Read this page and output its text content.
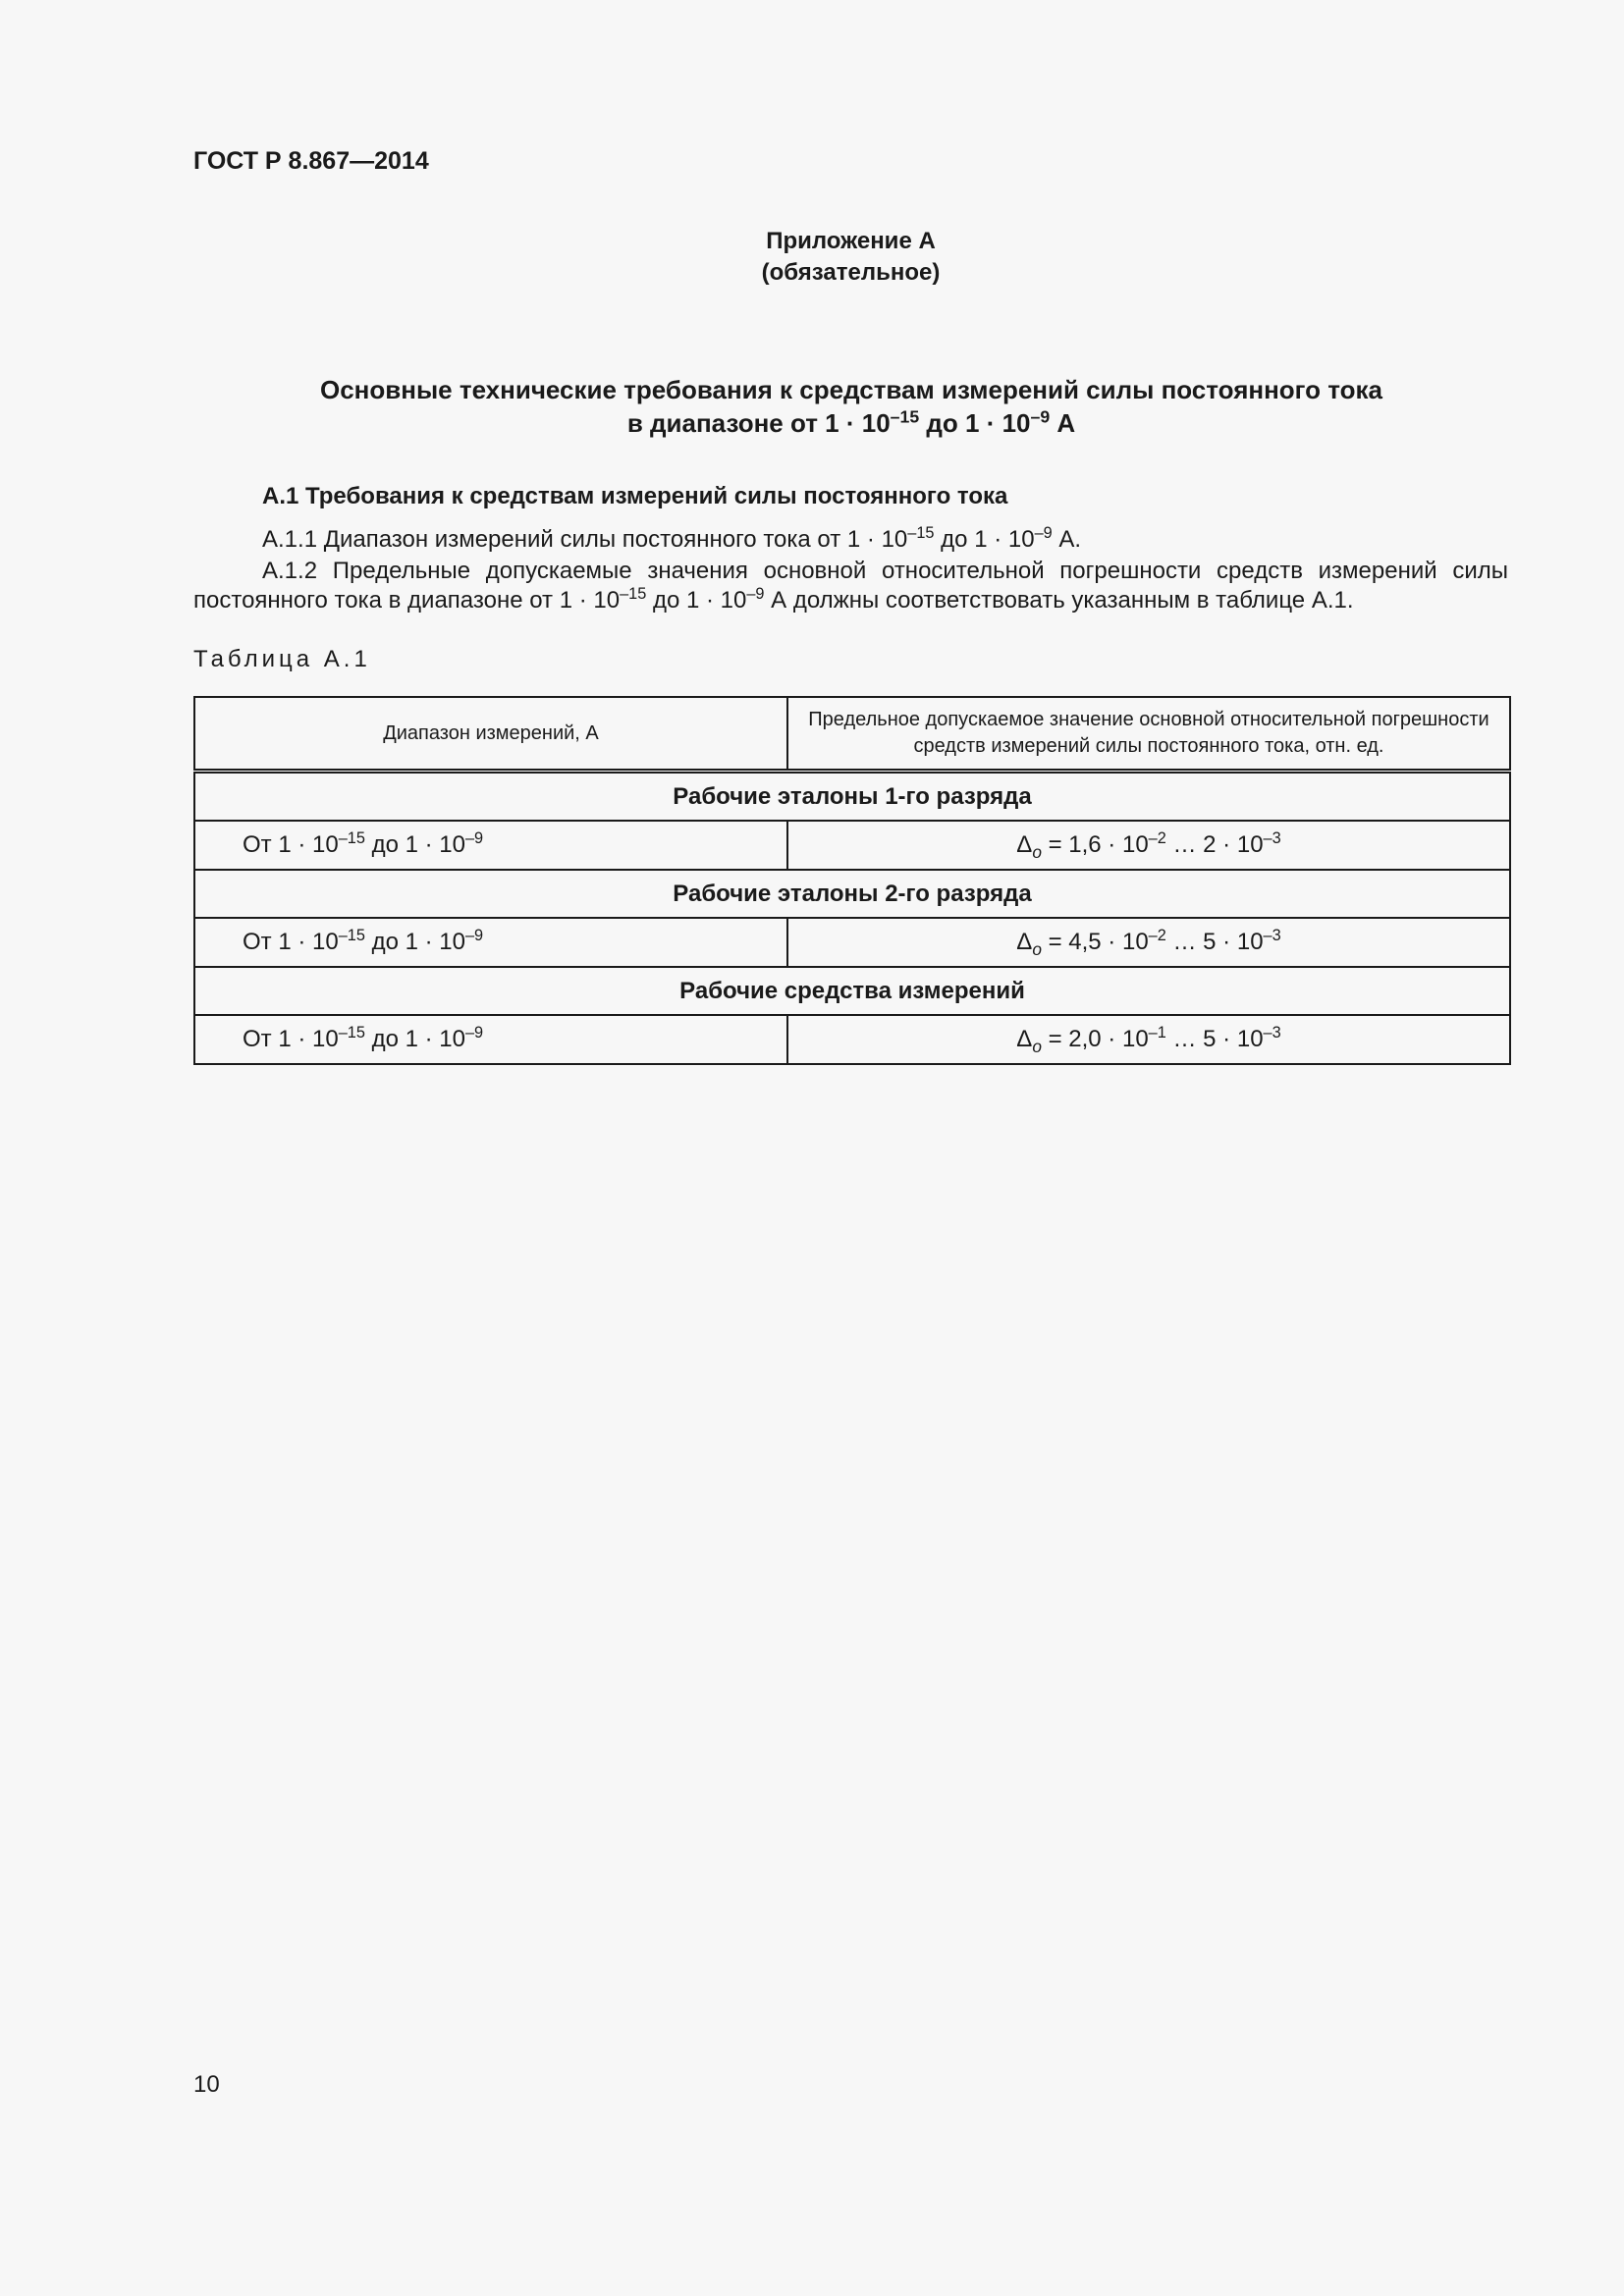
ГОСТ Р 8.867—2014
Приложение А
(обязательное)
Основные технические требования к средствам измерений силы постоянного тока
в диапазоне от $1 \cdot 10^{-15}$ до $1 \cdot 10^{-9}$ А
А.1 Требования к средствам измерений силы постоянного тока
А.1.1 Диапазон измерений силы постоянного тока от $1 \cdot 10^{-15}$ до $1 \cdot 10^{-9}$ А.
А.1.2 Предельные допускаемые значения основной относительной погрешности средств измерений силы постоянного тока в диапазоне от $1 \cdot 10^{-15}$ до $1 \cdot 10^{-9}$ А должны соответствовать указанным в таблице А.1.
Таблица А.1
Диапазон измерений, А	Предельное допускаемое значение основной относительной погрешности средств измерений силы постоянного тока, отн. ед.
Рабочие эталоны 1-го разряда	
От $1 \cdot 10^{-15}$ до $1 \cdot 10^{-9}$	$\Delta_o = 1,6 \cdot 10^{-2}$ … $2 \cdot 10^{-3}$
Рабочие эталоны 2-го разряда	
От $1 \cdot 10^{-15}$ до $1 \cdot 10^{-9}$	$\Delta_o = 4,5 \cdot 10^{-2}$ … $5 \cdot 10^{-3}$
Рабочие средства измерений	
От $1 \cdot 10^{-15}$ до $1 \cdot 10^{-9}$	$\Delta_o = 2,0 \cdot 10^{-1}$ … $5 \cdot 10^{-3}$
10
